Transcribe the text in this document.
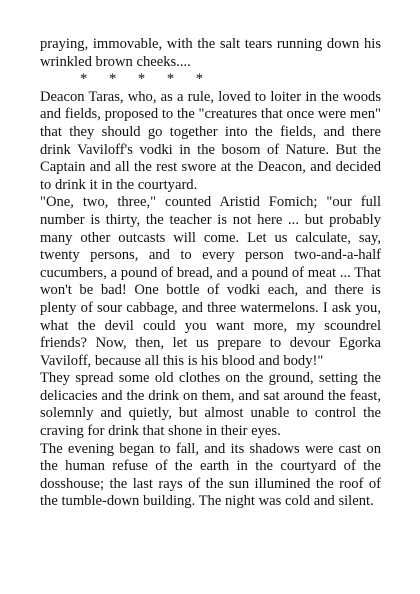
praying, immovable, with the salt tears running down his wrinkled brown cheeks....

* * * * *

Deacon Taras, who, as a rule, loved to loiter in the woods and fields, proposed to the "creatures that once were men" that they should go together into the fields, and there drink Vaviloff's vodki in the bosom of Nature. But the Captain and all the rest swore at the Deacon, and decided to drink it in the courtyard.

"One, two, three," counted Aristid Fomich; "our full number is thirty, the teacher is not here ... but probably many other outcasts will come. Let us calculate, say, twenty persons, and to every person two-and-a-half cucumbers, a pound of bread, and a pound of meat ... That won't be bad! One bottle of vodki each, and there is plenty of sour cabbage, and three watermelons. I ask you, what the devil could you want more, my scoundrel friends? Now, then, let us prepare to devour Egorka Vaviloff, because all this is his blood and body!"

They spread some old clothes on the ground, setting the delicacies and the drink on them, and sat around the feast, solemnly and quietly, but almost unable to control the craving for drink that shone in their eyes.

The evening began to fall, and its shadows were cast on the human refuse of the earth in the courtyard of the dosshouse; the last rays of the sun illumined the roof of the tumble-down building. The night was cold and silent.
